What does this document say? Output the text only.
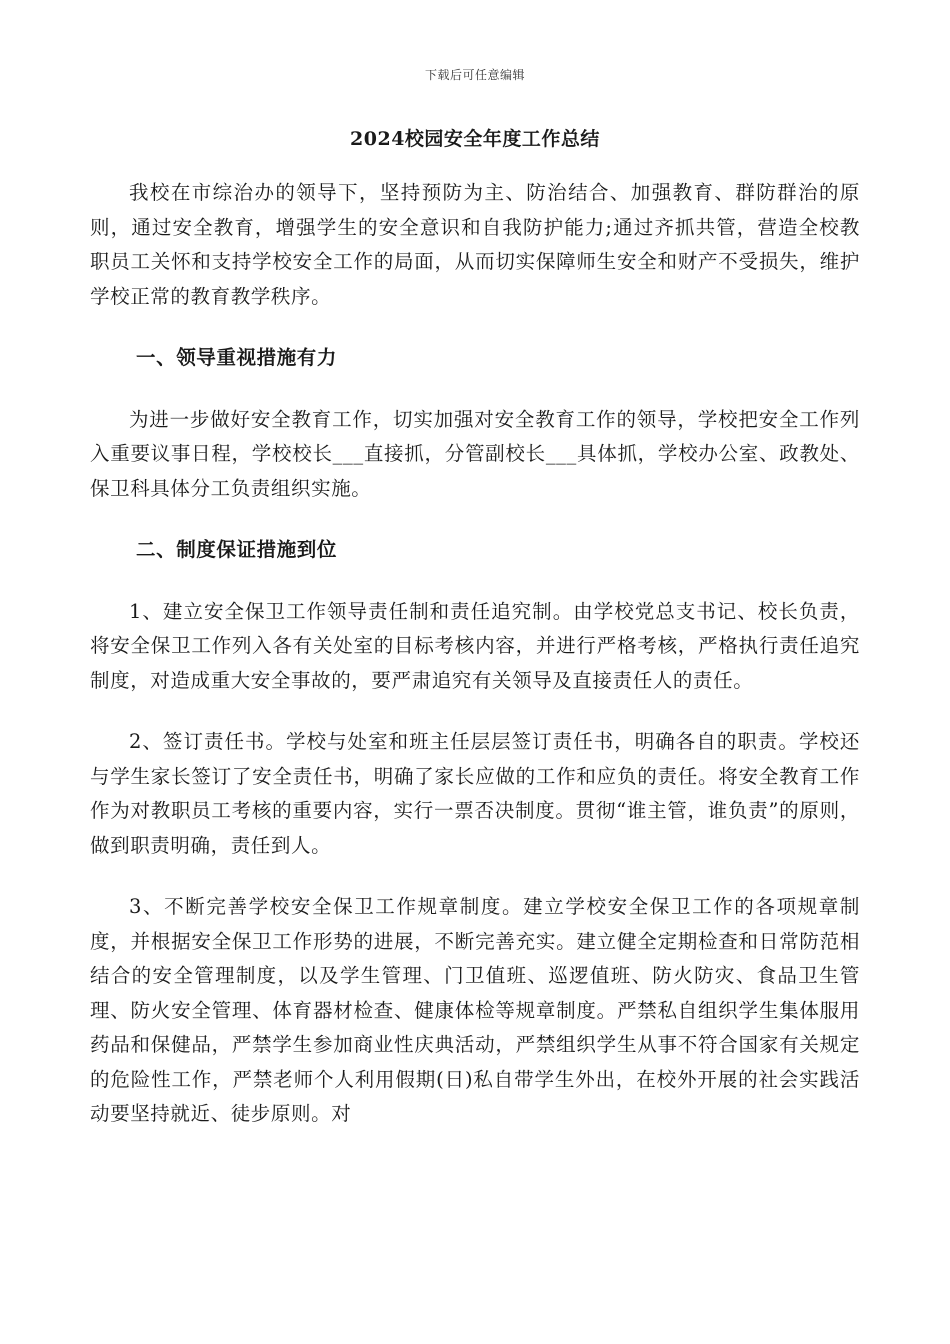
下载后可任意编辑
2024校园安全年度工作总结

我校在市综治办的领导下，坚持预防为主、防治结合、加强教育、群防群治的原则，通过安全教育，增强学生的安全意识和自我防护能力;通过齐抓共管，营造全校教职员工关怀和支持学校安全工作的局面，从而切实保障师生安全和财产不受损失，维护学校正常的教育教学秩序。

一、领导重视措施有力

为进一步做好安全教育工作，切实加强对安全教育工作的领导，学校把安全工作列入重要议事日程，学校校长___直接抓，分管副校长___具体抓，学校办公室、政教处、保卫科具体分工负责组织实施。

二、制度保证措施到位

1、建立安全保卫工作领导责任制和责任追究制。由学校党总支书记、校长负责，将安全保卫工作列入各有关处室的目标考核内容，并进行严格考核，严格执行责任追究制度，对造成重大安全事故的，要严肃追究有关领导及直接责任人的责任。

2、签订责任书。学校与处室和班主任层层签订责任书，明确各自的职责。学校还与学生家长签订了安全责任书，明确了家长应做的工作和应负的责任。将安全教育工作作为对教职员工考核的重要内容，实行一票否决制度。贯彻“谁主管，谁负责”的原则，做到职责明确，责任到人。

3、不断完善学校安全保卫工作规章制度。建立学校安全保卫工作的各项规章制度，并根据安全保卫工作形势的进展，不断完善充实。建立健全定期检查和日常防范相结合的安全管理制度，以及学生管理、门卫值班、巡逻值班、防火防灾、食品卫生管理、防火安全管理、体育器材检查、健康体检等规章制度。严禁私自组织学生集体服用药品和保健品，严禁学生参加商业性庆典活动，严禁组织学生从事不符合国家有关规定的危险性工作，严禁老师个人利用假期(日)私自带学生外出，在校外开展的社会实践活动要坚持就近、徒步原则。对
